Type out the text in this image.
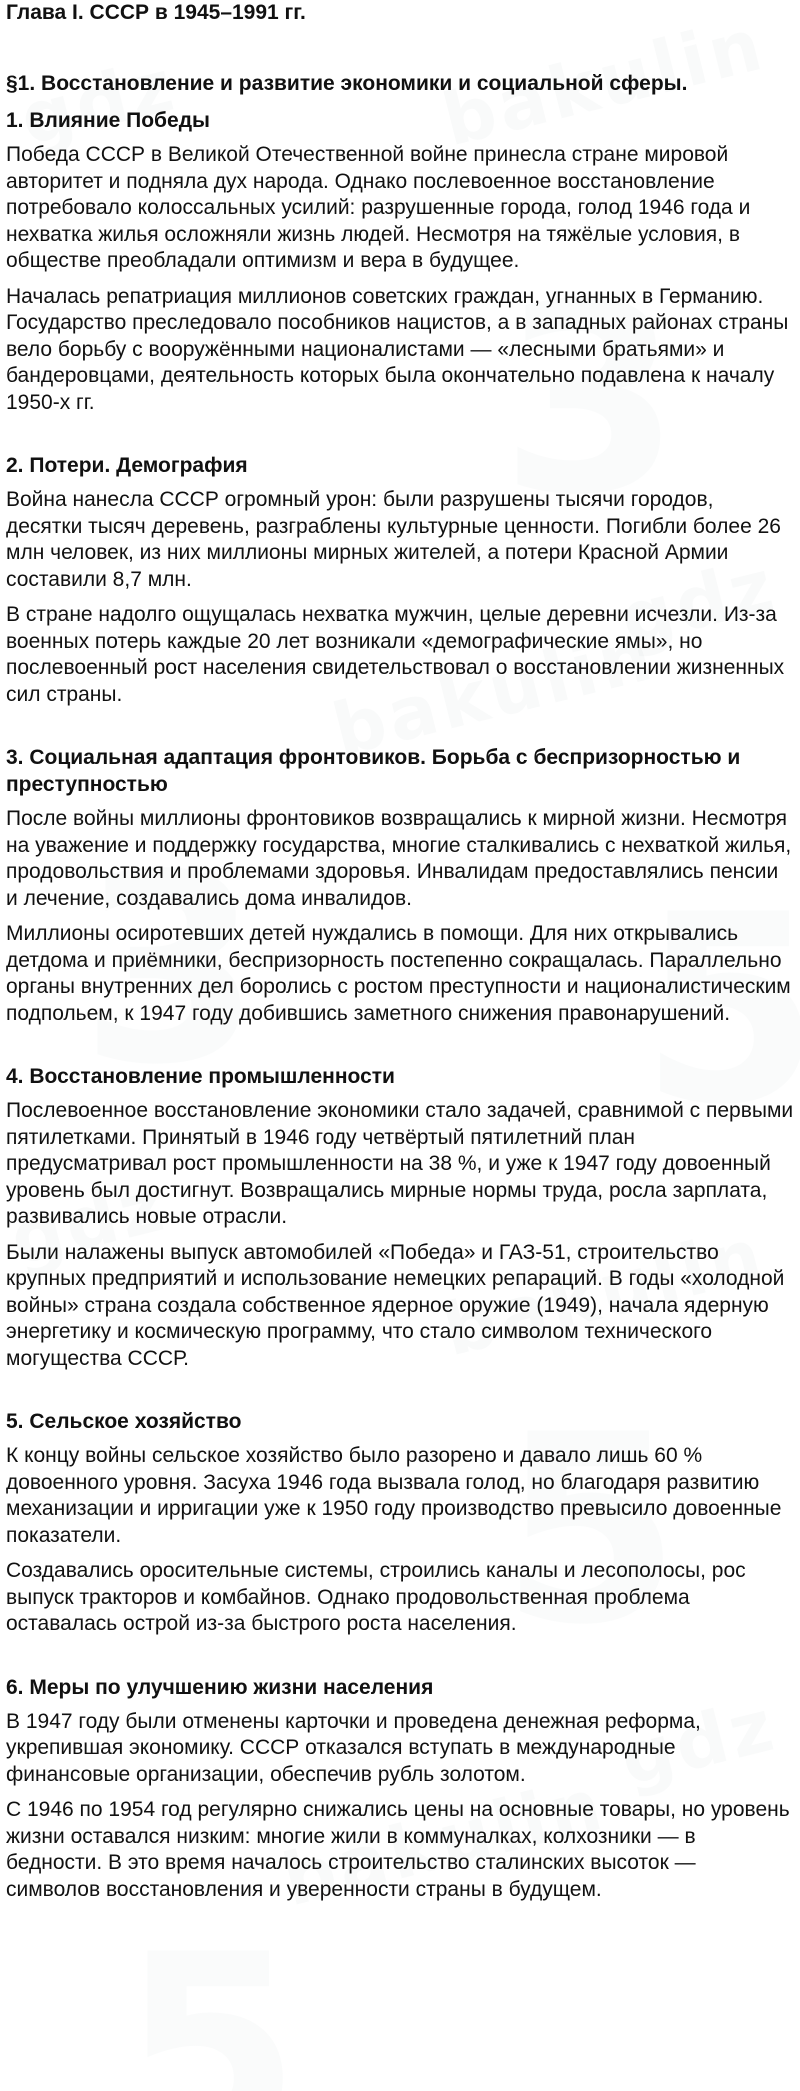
Глава I. СССР в 1945–1991 гг.
§1. Восстановление и развитие экономики и социальной сферы.
1. Влияние Победы

Победа СССР в Великой Отечественной войне принесла стране мировой авторитет и подняла дух народа. Однако послевоенное восстановление потребовало колоссальных усилий: разрушенные города, голод 1946 года и нехватка жилья осложняли жизнь людей. Несмотря на тяжёлые условия, в обществе преобладали оптимизм и вера в будущее.

Началась репатриация миллионов советских граждан, угнанных в Германию. Государство преследовало пособников нацистов, а в западных районах страны вело борьбу с вооружёнными националистами — «лесными братьями» и бандеровцами, деятельность которых была окончательно подавлена к началу 1950-х гг.

2. Потери. Демография

Война нанесла СССР огромный урон: были разрушены тысячи городов, десятки тысяч деревень, разграблены культурные ценности. Погибли более 26 млн человек, из них миллионы мирных жителей, а потери Красной Армии составили 8,7 млн.

В стране надолго ощущалась нехватка мужчин, целые деревни исчезли. Из-за военных потерь каждые 20 лет возникали «демографические ямы», но послевоенный рост населения свидетельствовал о восстановлении жизненных сил страны.

3. Социальная адаптация фронтовиков. Борьба с беспризорностью и преступностью

После войны миллионы фронтовиков возвращались к мирной жизни. Несмотря на уважение и поддержку государства, многие сталкивались с нехваткой жилья, продовольствия и проблемами здоровья. Инвалидам предоставлялись пенсии и лечение, создавались дома инвалидов.

Миллионы осиротевших детей нуждались в помощи. Для них открывались детдома и приёмники, беспризорность постепенно сокращалась. Параллельно органы внутренних дел боролись с ростом преступности и националистическим подпольем, к 1947 году добившись заметного снижения правонарушений.

4. Восстановление промышленности

Послевоенное восстановление экономики стало задачей, сравнимой с первыми пятилетками. Принятый в 1946 году четвёртый пятилетний план предусматривал рост промышленности на 38 %, и уже к 1947 году довоенный уровень был достигнут. Возвращались мирные нормы труда, росла зарплата, развивались новые отрасли.

Были налажены выпуск автомобилей «Победа» и ГАЗ-51, строительство крупных предприятий и использование немецких репараций. В годы «холодной войны» страна создала собственное ядерное оружие (1949), начала ядерную энергетику и космическую программу, что стало символом технического могущества СССР.

5. Сельское хозяйство

К концу войны сельское хозяйство было разорено и давало лишь 60 % довоенного уровня. Засуха 1946 года вызвала голод, но благодаря развитию механизации и ирригации уже к 1950 году производство превысило довоенные показатели.

Создавались оросительные системы, строились каналы и лесополосы, рос выпуск тракторов и комбайнов. Однако продовольственная проблема оставалась острой из-за быстрого роста населения.

6. Меры по улучшению жизни населения

В 1947 году были отменены карточки и проведена денежная реформа, укрепившая экономику. СССР отказался вступать в международные финансовые организации, обеспечив рубль золотом.

С 1946 по 1954 год регулярно снижались цены на основные товары, но уровень жизни оставался низким: многие жили в коммуналках, колхозники — в бедности. В это время началось строительство сталинских высоток — символов восстановления и уверенности страны в будущем.
